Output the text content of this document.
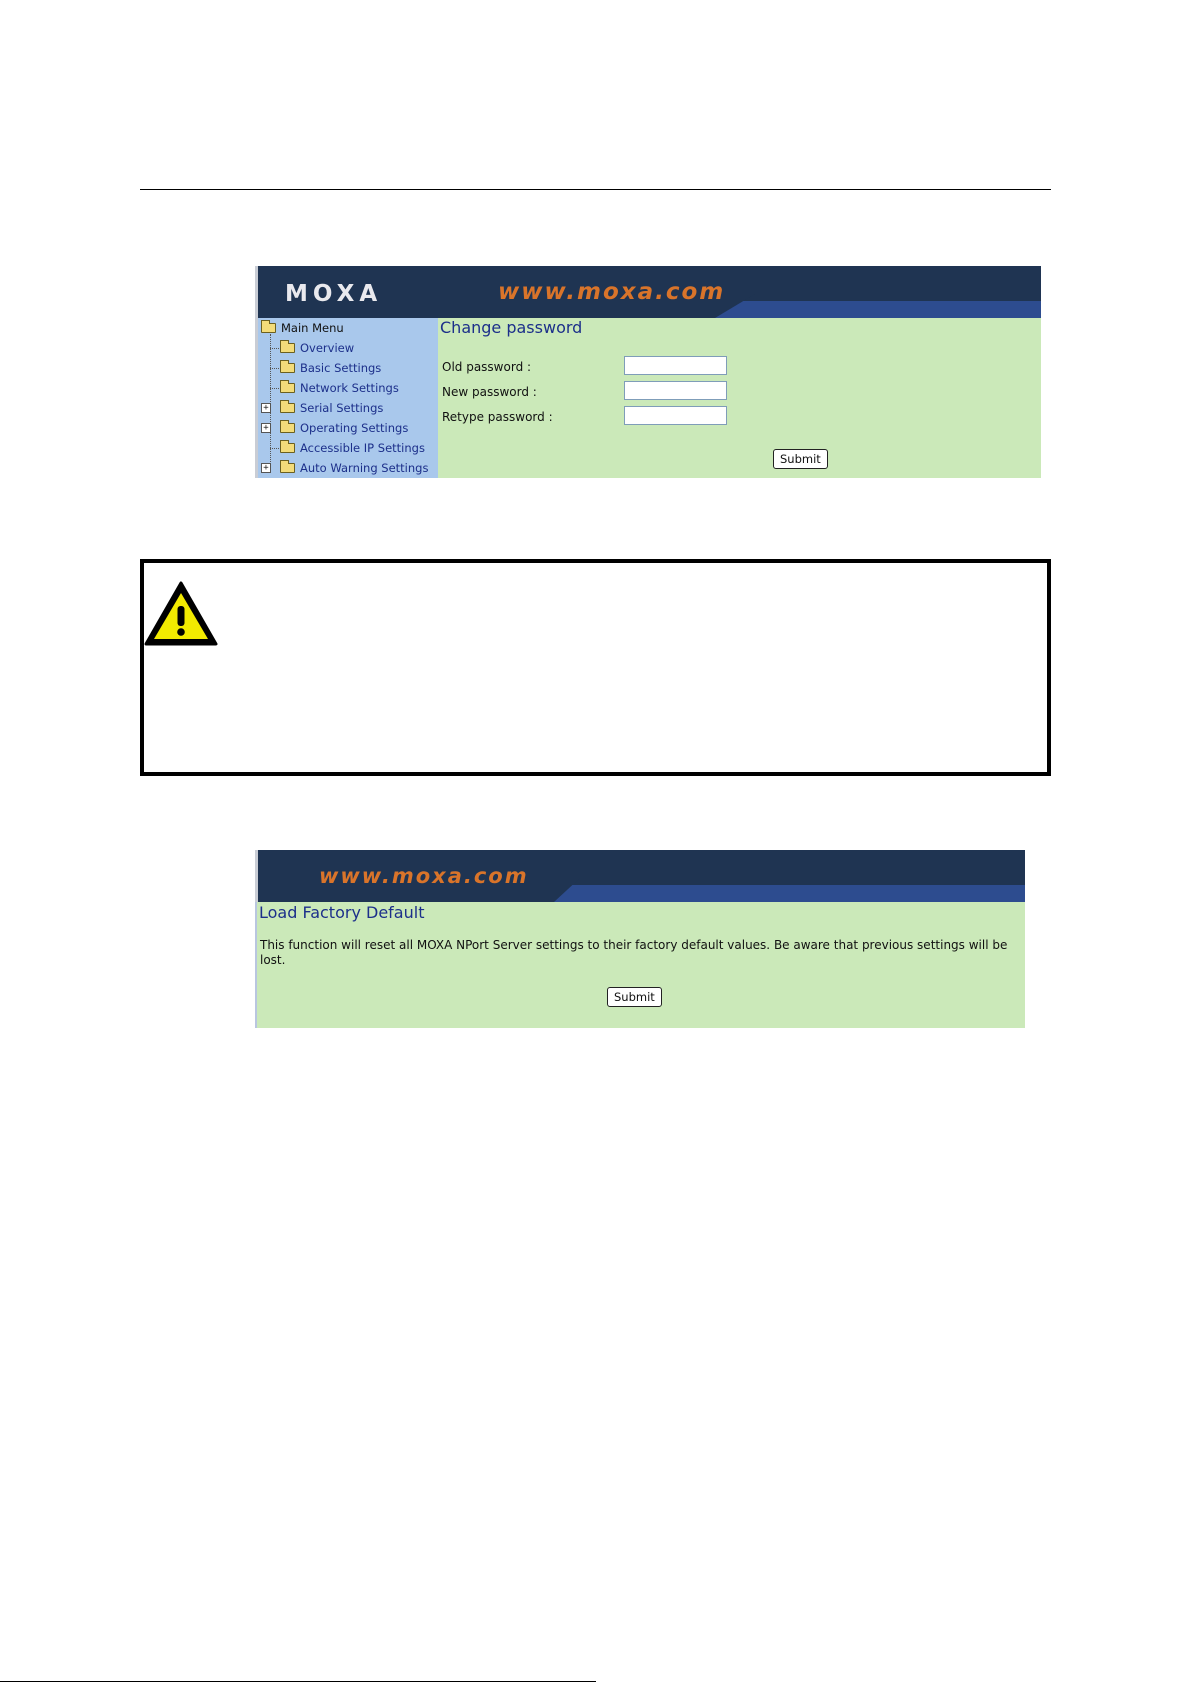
MOXA	www.moxa.com
Main Menu
Overview
Basic Settings
Network Settings
+	Serial Settings
+	Operating Settings
Accessible IP Settings
+	Auto Warning Settings
Change password
Old password :
New password :
Retype password :
Submit
www.moxa.com
Load Factory Default
This function will reset all MOXA NPort Server settings to their factory default values. Be aware that previous settings will be lost.
Submit
